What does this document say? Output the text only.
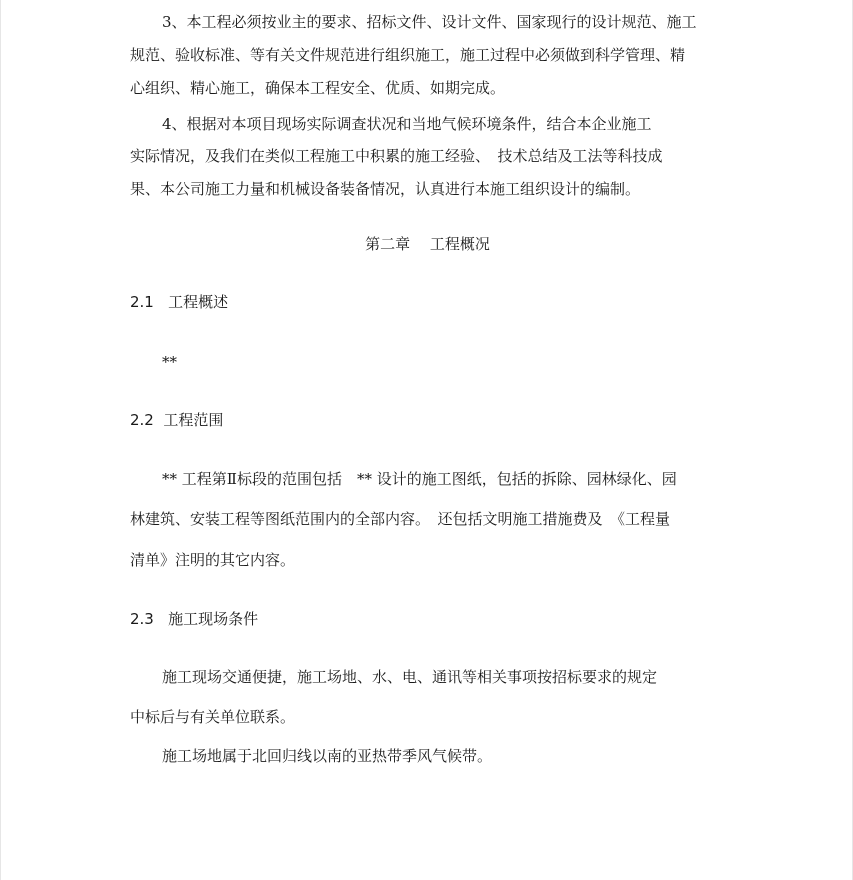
3、本工程必须按业主的要求、招标文件、设计文件、国家现行的设计规范、施工
规范、验收标准、等有关文件规范进行组织施工，施工过程中必须做到科学管理、精
心组织、精心施工，确保本工程安全、优质、如期完成。
4、根据对本项目现场实际调查状况和当地气候环境条件，结合本企业施工
实际情况，及我们在类似工程施工中积累的施工经验、　技术总结及工法等科技成
果、本公司施工力量和机械设备装备情况，认真进行本施工组织设计的编制。
第二章　 工程概况
2.1 工程概述
**
2.2 工程范围
** 工程第Ⅱ标段的范围包括　** 设计的施工图纸，包括的拆除、园林绿化、园
林建筑、安装工程等图纸范围内的全部内容。　还包括文明施工措施费及　《工程量
清单》注明的其它内容。
2.3 施工现场条件
施工现场交通便捷，施工场地、水、电、通讯等相关事项按招标要求的规定
中标后与有关单位联系。
施工场地属于北回归线以南的亚热带季风气候带。
